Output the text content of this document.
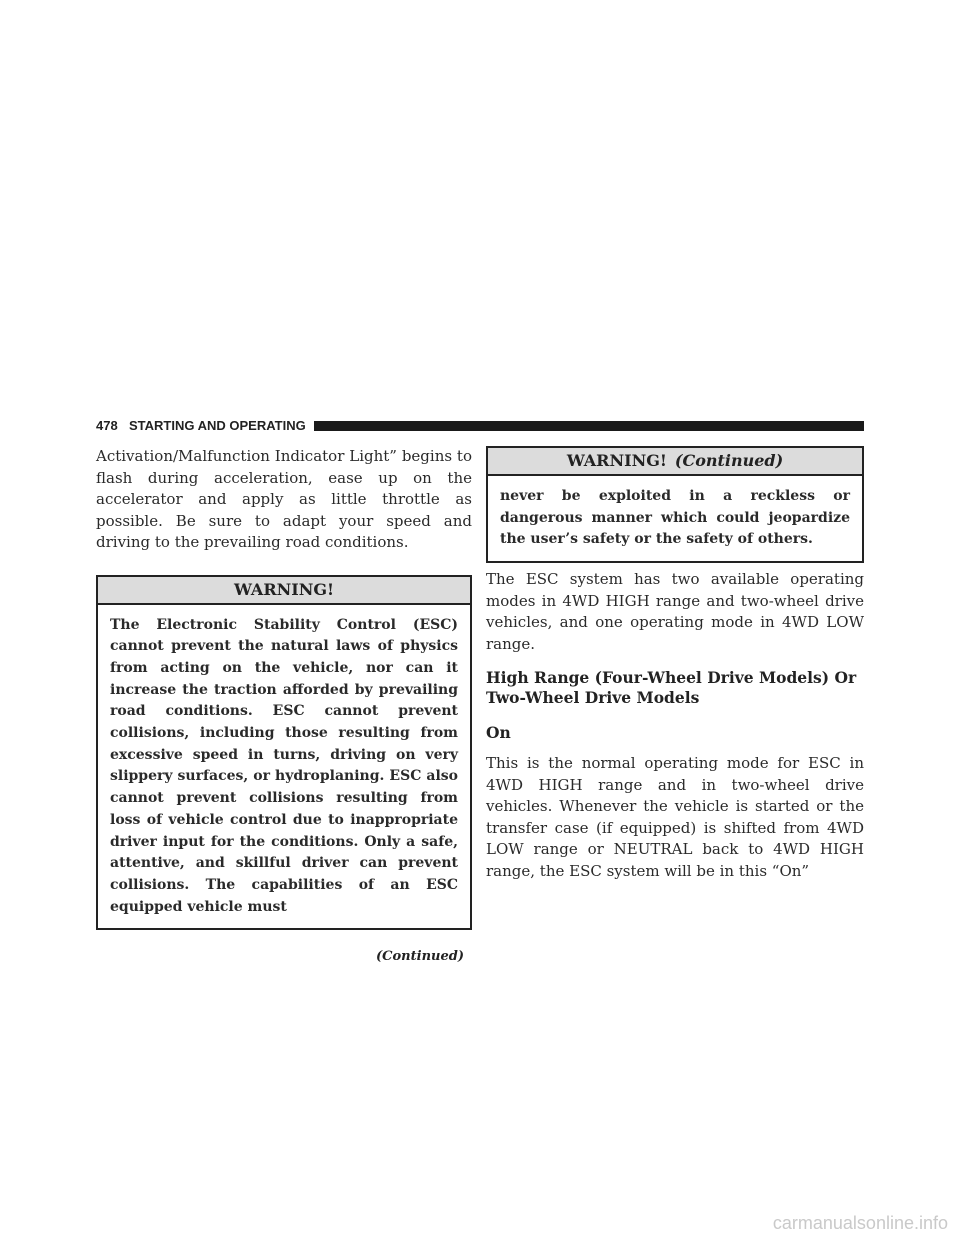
478 STARTING AND OPERATING

Activation/Malfunction Indicator Light” begins to flash during acceleration, ease up on the accelerator and apply as little throttle as possible. Be sure to adapt your speed and driving to the prevailing road conditions.

WARNING!

The Electronic Stability Control (ESC) cannot prevent the natural laws of physics from acting on the vehicle, nor can it increase the traction afforded by prevailing road conditions. ESC cannot prevent collisions, including those resulting from excessive speed in turns, driving on very slippery surfaces, or hydroplaning. ESC also cannot prevent collisions resulting from loss of vehicle control due to inappropriate driver input for the conditions. Only a safe, attentive, and skillful driver can prevent collisions. The capabilities of an ESC equipped vehicle must

(Continued)
WARNING! (Continued)

never be exploited in a reckless or dangerous manner which could jeopardize the user’s safety or the safety of others.

The ESC system has two available operating modes in 4WD HIGH range and two-wheel drive vehicles, and one operating mode in 4WD LOW range.

High Range (Four-Wheel Drive Models) Or
Two-Wheel Drive Models
On

This is the normal operating mode for ESC in 4WD HIGH range and in two-wheel drive vehicles. Whenever the vehicle is started or the transfer case (if equipped) is shifted from 4WD LOW range or NEUTRAL back to 4WD HIGH range, the ESC system will be in this “On”

carmanualsonline.info
